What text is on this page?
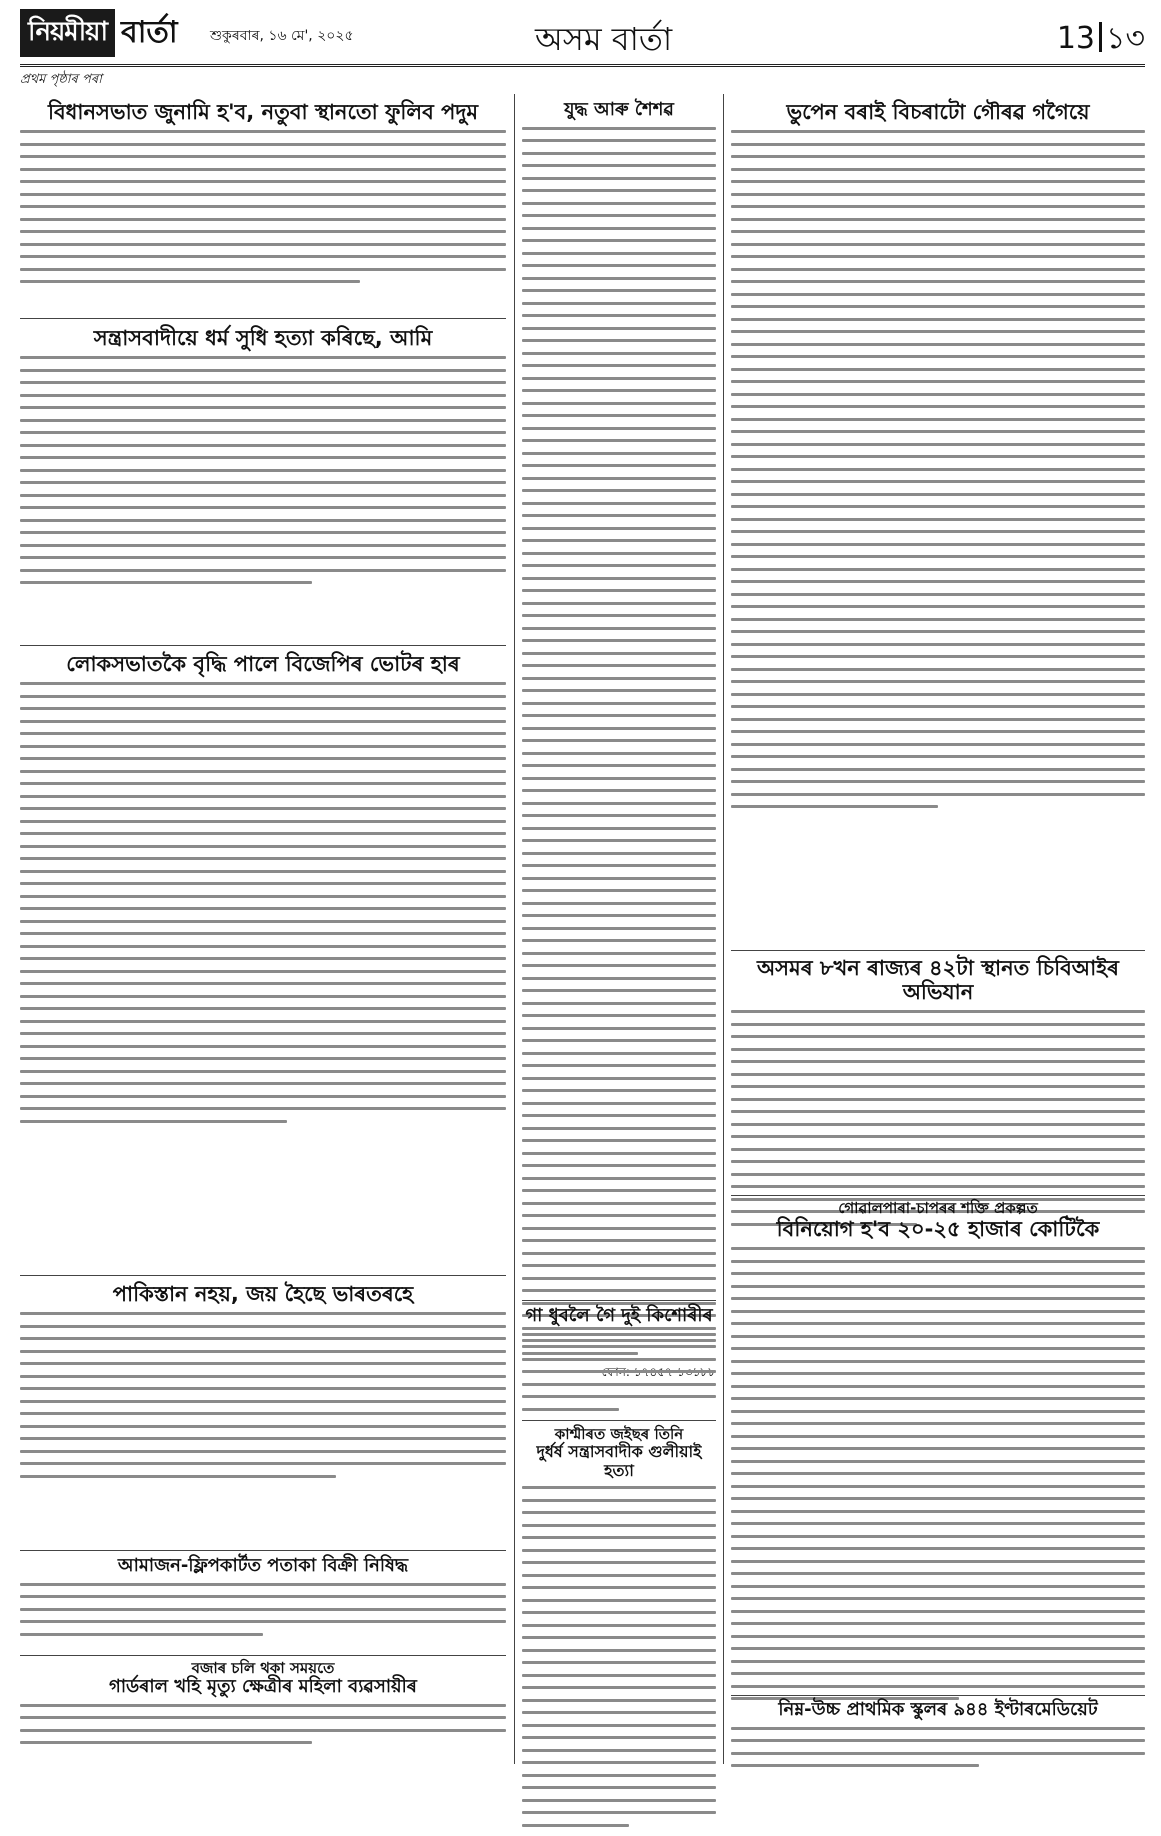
নিয়মীয়া বাৰ্তা শুকুৰবাৰ, ১৬ মে', ২০২৫	অসম বাৰ্তা	13 ১৩
প্ৰথম পৃষ্ঠাৰ পৰা
বিধানসভাত জুনামি হ'ব, নতুবা স্থানতো ফুলিব পদুম
সন্ত্ৰাসবাদীয়ে ধৰ্ম সুধি হত্যা কৰিছে, আমি
লোকসভাতকৈ বৃদ্ধি পালে বিজেপিৰ ভোটৰ হাৰ
পাকিস্তান নহয়, জয় হৈছে ভাৰতৰহে
আমাজন-ফ্লিপকাৰ্টত পতাকা বিক্ৰী নিষিদ্ধ
বজাৰ চলি থকা সময়তে
গাৰ্ডৰাল খহি মৃত্যু ক্ষেত্ৰীৰ মহিলা ব্যৱসায়ীৰ
যুদ্ধ আৰু শৈশৱ
গা ধুবলৈ গৈ দুই কিশোৰীৰ
কাশ্মীৰত জইছৰ তিনি
দুৰ্ধৰ্ষ সন্ত্ৰাসবাদীক গুলীয়াই হত্যা
ভুপেন বৰাই বিচৰাটো গৌৰৱ গগৈয়ে
অসমৰ ৮খন ৰাজ্যৰ ৪২টা স্থানত চিবিআইৰ অভিযান
গোৱালপাৰা-চাপৰৰ শক্তি প্ৰকল্পত
বিনিয়োগ হ'ব ২০-২৫ হাজাৰ কোটিকৈ
নিম্ন-উচ্চ প্ৰাথমিক স্কুলৰ ৯৪৪ ইণ্টাৰমেডিয়েট
